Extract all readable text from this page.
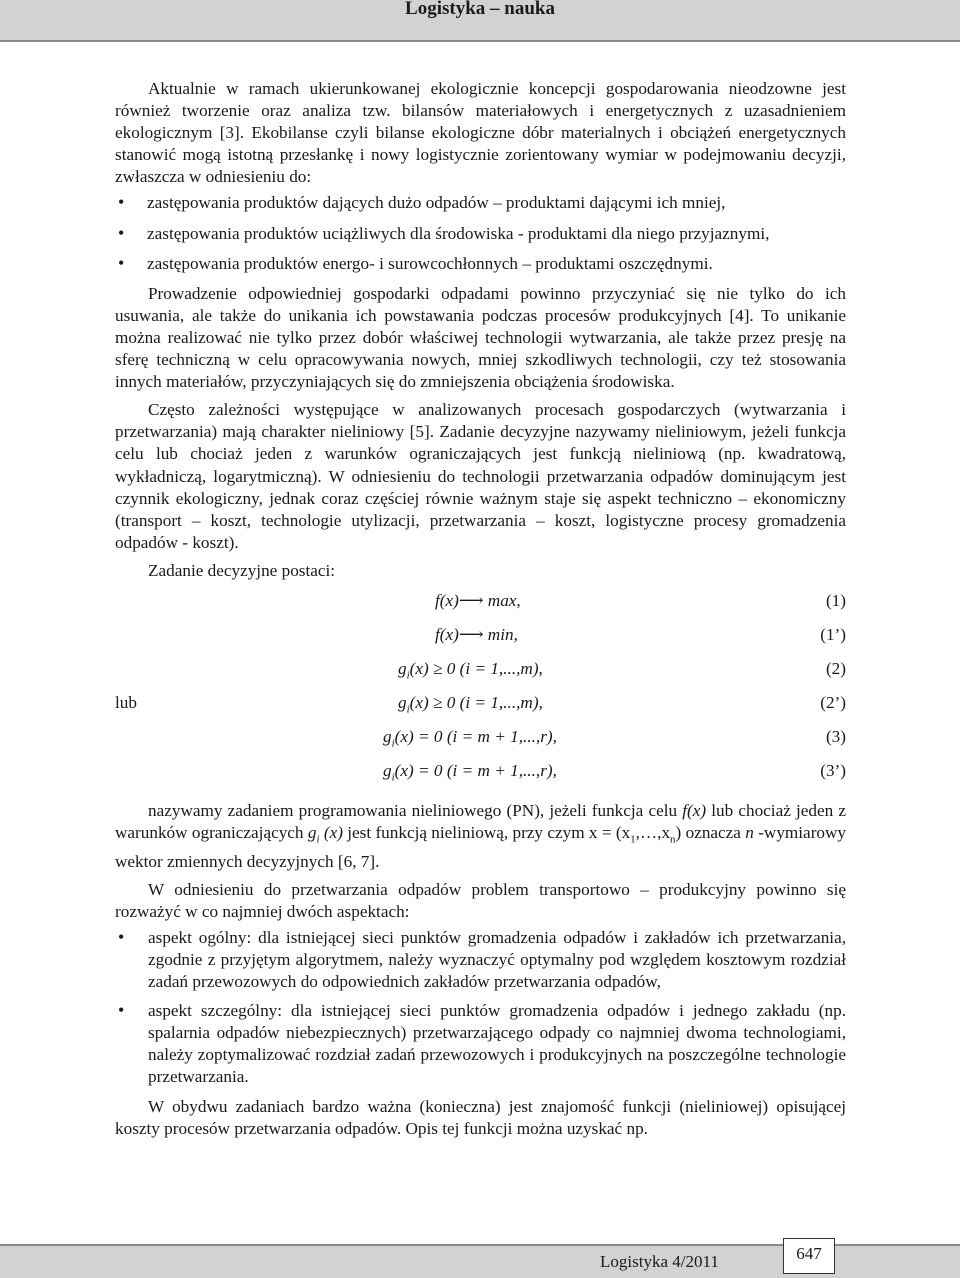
Logistyka – nauka

Aktualnie w ramach ukierunkowanej ekologicznie koncepcji gospodarowania nieodzowne jest również tworzenie oraz analiza tzw. bilansów materiałowych i energetycznych z uzasadnieniem ekologicznym [3]. Ekobilanse czyli bilanse ekologiczne dóbr materialnych i obciążeń energetycznych stanowić mogą istotną przesłankę i nowy logistycznie zorientowany wymiar w podejmowaniu decyzji, zwłaszcza w odniesieniu do:

• zastępowania produktów dających dużo odpadów – produktami dającymi ich mniej,
• zastępowania produktów uciążliwych dla środowiska - produktami dla niego przyjaznymi,
• zastępowania produktów energo- i surowcochłonnych – produktami oszczędnymi.

Prowadzenie odpowiedniej gospodarki odpadami powinno przyczyniać się nie tylko do ich usuwania, ale także do unikania ich powstawania podczas procesów produkcyjnych [4]. To unikanie można realizować nie tylko przez dobór właściwej technologii wytwarzania, ale także przez presję na sferę techniczną w celu opracowywania nowych, mniej szkodliwych technologii, czy też stosowania innych materiałów, przyczyniających się do zmniejszenia obciążenia środowiska.

Często zależności występujące w analizowanych procesach gospodarczych (wytwarzania i przetwarzania) mają charakter nieliniowy [5]. Zadanie decyzyjne nazywamy nieliniowym, jeżeli funkcja celu lub chociaż jeden z warunków ograniczających jest funkcją nieliniową (np. kwadratową, wykładniczą, logarytmiczną). W odniesieniu do technologii przetwarzania odpadów dominującym jest czynnik ekologiczny, jednak coraz częściej równie ważnym staje się aspekt techniczno – ekonomiczny (transport – koszt, technologie utylizacji, przetwarzania – koszt, logistyczne procesy gromadzenia odpadów - koszt).

Zadanie decyzyjne postaci:

f(x)⟶ max,	(1)
f(x)⟶ min,	(1’)
$g_i(x) \ge 0$ (i = 1,...,m),	(2)
lub	$g_i(x) \ge 0$ (i = 1,...,m),	(2’)
$g_i(x) = 0$ (i = m + 1,...,r),	(3)
$g_i(x) = 0$ (i = m + 1,...,r),	(3’)

nazywamy zadaniem programowania nieliniowego (PN), jeżeli funkcja celu f(x) lub chociaż jeden z warunków ograniczających $g_i$ (x) jest funkcją nieliniową, przy czym $x = (x_1,\dots,x_n)$ oznacza n -wymiarowy wektor zmiennych decyzyjnych [6, 7].

W odniesieniu do przetwarzania odpadów problem transportowo – produkcyjny powinno się rozważyć w co najmniej dwóch aspektach:

• aspekt ogólny: dla istniejącej sieci punktów gromadzenia odpadów i zakładów ich przetwarzania, zgodnie z przyjętym algorytmem, należy wyznaczyć optymalny pod względem kosztowym rozdział zadań przewozowych do odpowiednich zakładów przetwarzania odpadów,
• aspekt szczególny: dla istniejącej sieci punktów gromadzenia odpadów i jednego zakładu (np. spalarnia odpadów niebezpiecznych) przetwarzającego odpady co najmniej dwoma technologiami, należy zoptymalizować rozdział zadań przewozowych i produkcyjnych na poszczególne technologie przetwarzania.

W obydwu zadaniach bardzo ważna (konieczna) jest znajomość funkcji (nieliniowej) opisującej koszty procesów przetwarzania odpadów. Opis tej funkcji można uzyskać np.

Logistyka 4/2011	647
